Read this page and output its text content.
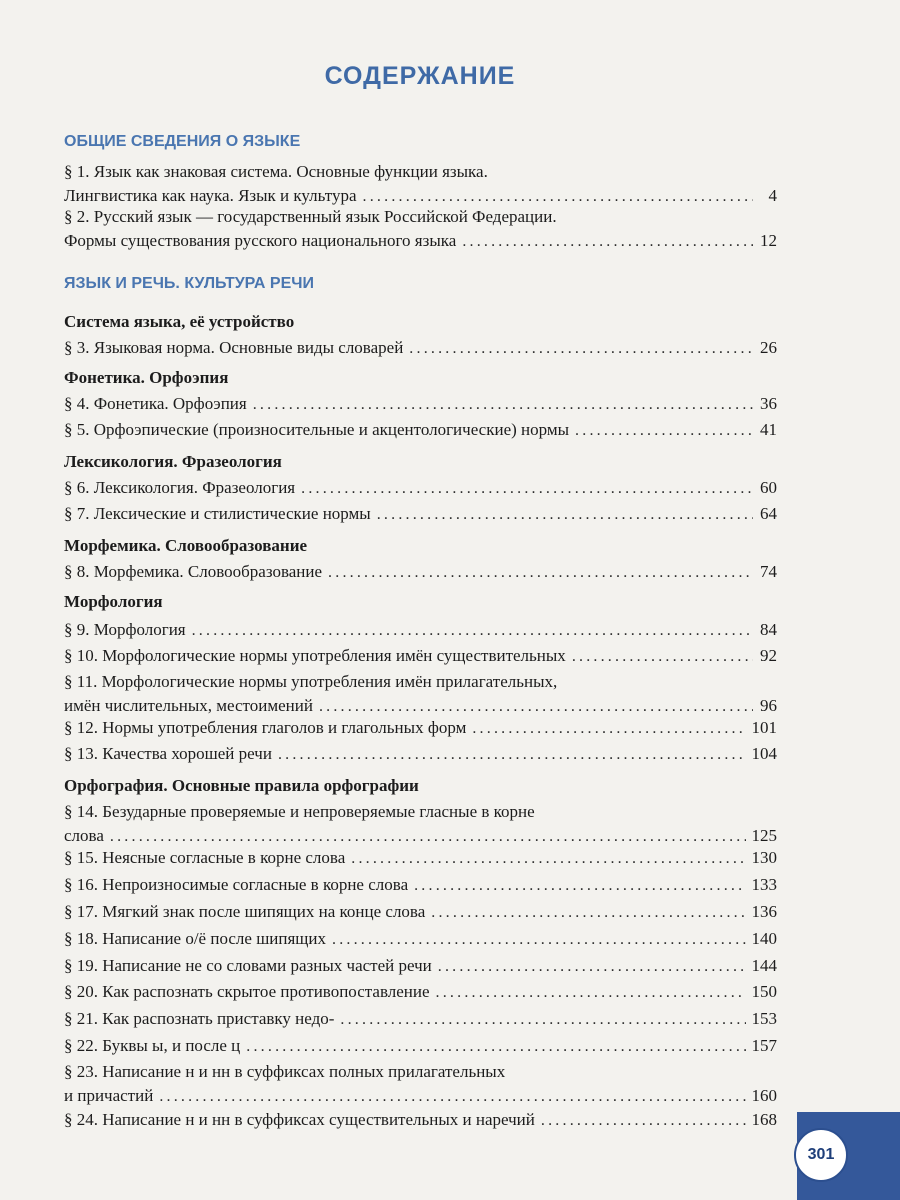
СОДЕРЖАНИЕ
ОБЩИЕ СВЕДЕНИЯ О ЯЗЫКЕ
§ 1. Язык как знаковая система. Основные функции языка.
Лингвистика как наука. Язык и культура .....	4
§ 2. Русский язык — государственный язык Российской Федерации.
Формы существования русского национального языка .....	12
ЯЗЫК И РЕЧЬ. КУЛЬТУРА РЕЧИ
Система языка, её устройство
§ 3. Языковая норма. Основные виды словарей .....	26
Фонетика. Орфоэпия
§ 4. Фонетика. Орфоэпия .....	36
§ 5. Орфоэпические (произносительные и акцентологические) нормы .....	41
Лексикология. Фразеология
§ 6. Лексикология. Фразеология .....	60
§ 7. Лексические и стилистические нормы .....	64
Морфемика. Словообразование
§ 8. Морфемика. Словообразование .....	74
Морфология
§ 9. Морфология .....	84
§ 10. Морфологические нормы употребления имён существительных .....	92
§ 11. Морфологические нормы употребления имён прилагательных,
имён числительных, местоимений .....	96
§ 12. Нормы употребления глаголов и глагольных форм .....	101
§ 13. Качества хорошей речи .....	104
Орфография. Основные правила орфографии
§ 14. Безударные проверяемые и непроверяемые гласные в корне
слова .....	125
§ 15. Неясные согласные в корне слова .....	130
§ 16. Непроизносимые согласные в корне слова .....	133
§ 17. Мягкий знак после шипящих на конце слова .....	136
§ 18. Написание о/ё после шипящих .....	140
§ 19. Написание не со словами разных частей речи .....	144
§ 20. Как распознать скрытое противопоставление .....	150
§ 21. Как распознать приставку недо- .....	153
§ 22. Буквы ы, и после ц .....	157
§ 23. Написание н и нн в суффиксах полных прилагательных
и причастий .....	160
§ 24. Написание н и нн в суффиксах существительных и наречий .....	168
301
